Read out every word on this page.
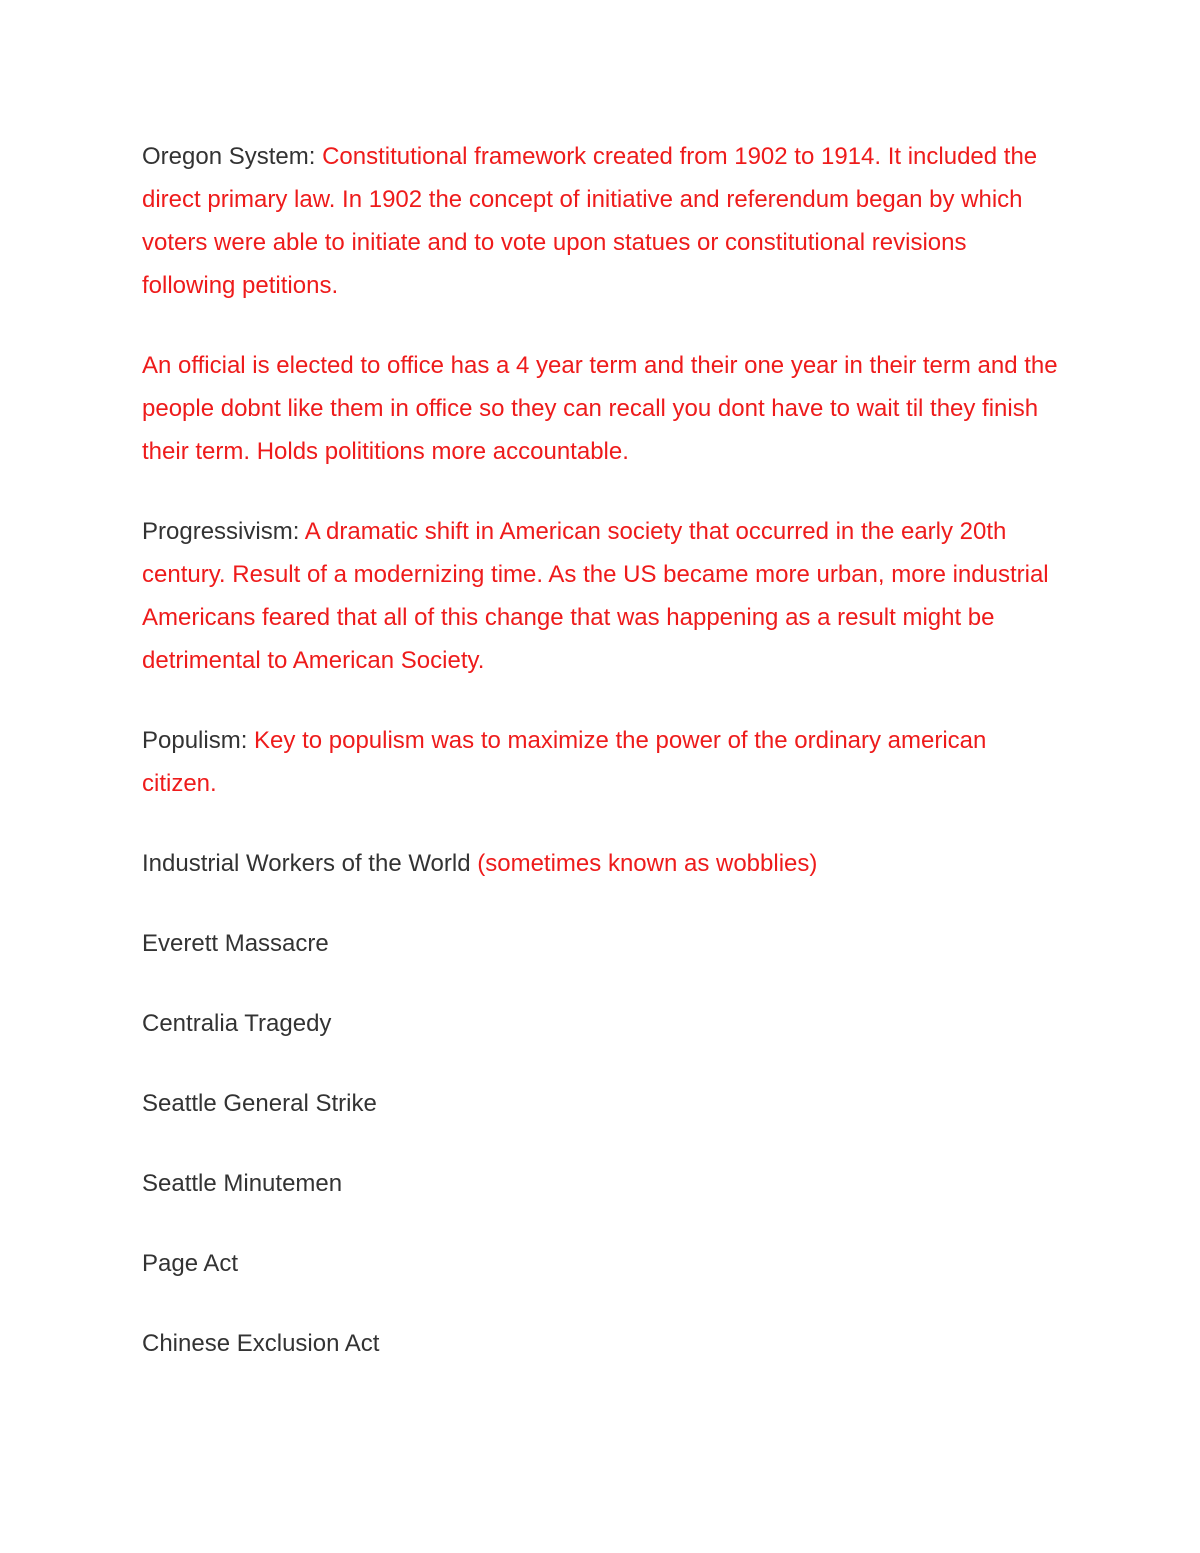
Oregon System: Constitutional framework created from 1902 to 1914. It included the direct primary law. In 1902 the concept of initiative and referendum began by which voters were able to initiate and to vote upon statues or constitutional revisions following petitions.

An official is elected to office has a 4 year term and their one year in their term and the people dobnt like them in office so they can recall you dont have to wait til they finish their term. Holds polititions more accountable.

Progressivism: A dramatic shift in American society that occurred in the early 20th century. Result of a modernizing time. As the US became more urban, more industrial Americans feared that all of this change that was happening as a result might be detrimental to American Society.

Populism: Key to populism was to maximize the power of the ordinary american citizen.

Industrial Workers of the World (sometimes known as wobblies)

Everett Massacre

Centralia Tragedy

Seattle General Strike

Seattle Minutemen

Page Act

Chinese Exclusion Act
